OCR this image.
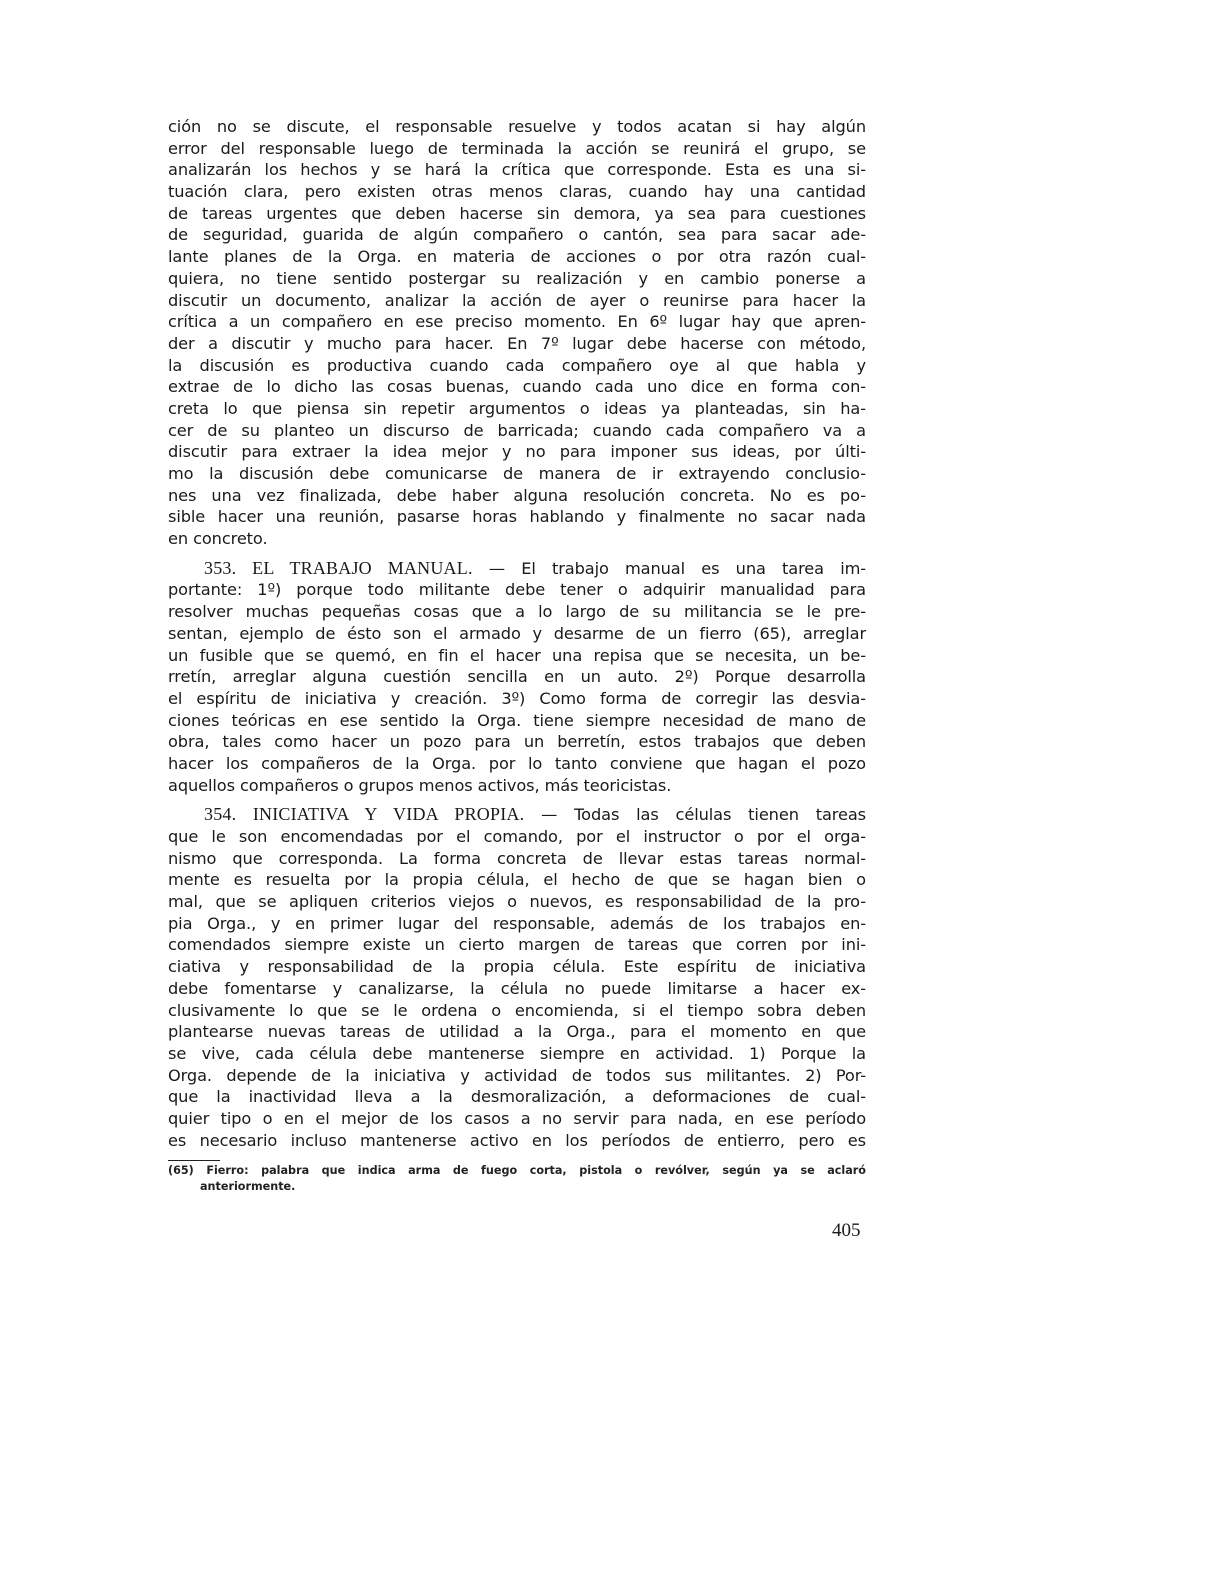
ción no se discute, el responsable resuelve y todos acatan si hay algún
error del responsable luego de terminada la acción se reunirá el grupo, se
analizarán los hechos y se hará la crítica que corresponde. Esta es una si-
tuación clara, pero existen otras menos claras, cuando hay una cantidad
de tareas urgentes que deben hacerse sin demora, ya sea para cuestiones
de seguridad, guarida de algún compañero o cantón, sea para sacar ade-
lante planes de la Orga. en materia de acciones o por otra razón cual-
quiera, no tiene sentido postergar su realización y en cambio ponerse a
discutir un documento, analizar la acción de ayer o reunirse para hacer la
crítica a un compañero en ese preciso momento. En 6º lugar hay que apren-
der a discutir y mucho para hacer. En 7º lugar debe hacerse con método,
la discusión es productiva cuando cada compañero oye al que habla y
extrae de lo dicho las cosas buenas, cuando cada uno dice en forma con-
creta lo que piensa sin repetir argumentos o ideas ya planteadas, sin ha-
cer de su planteo un discurso de barricada; cuando cada compañero va a
discutir para extraer la idea mejor y no para imponer sus ideas, por últi-
mo la discusión debe comunicarse de manera de ir extrayendo conclusio-
nes una vez finalizada, debe haber alguna resolución concreta. No es po-
sible hacer una reunión, pasarse horas hablando y finalmente no sacar nada
en concreto.
353. EL TRABAJO MANUAL. — El trabajo manual es una tarea im-
portante: 1º) porque todo militante debe tener o adquirir manualidad para
resolver muchas pequeñas cosas que a lo largo de su militancia se le pre-
sentan, ejemplo de ésto son el armado y desarme de un fierro (65), arreglar
un fusible que se quemó, en fin el hacer una repisa que se necesita, un be-
rretín, arreglar alguna cuestión sencilla en un auto. 2º) Porque desarrolla
el espíritu de iniciativa y creación. 3º) Como forma de corregir las desvia-
ciones teóricas en ese sentido la Orga. tiene siempre necesidad de mano de
obra, tales como hacer un pozo para un berretín, estos trabajos que deben
hacer los compañeros de la Orga. por lo tanto conviene que hagan el pozo
aquellos compañeros o grupos menos activos, más teoricistas.
354. INICIATIVA Y VIDA PROPIA. — Todas las células tienen tareas
que le son encomendadas por el comando, por el instructor o por el orga-
nismo que corresponda. La forma concreta de llevar estas tareas normal-
mente es resuelta por la propia célula, el hecho de que se hagan bien o
mal, que se apliquen criterios viejos o nuevos, es responsabilidad de la pro-
pia Orga., y en primer lugar del responsable, además de los trabajos en-
comendados siempre existe un cierto margen de tareas que corren por ini-
ciativa y responsabilidad de la propia célula. Este espíritu de iniciativa
debe fomentarse y canalizarse, la célula no puede limitarse a hacer ex-
clusivamente lo que se le ordena o encomienda, si el tiempo sobra deben
plantearse nuevas tareas de utilidad a la Orga., para el momento en que
se vive, cada célula debe mantenerse siempre en actividad. 1) Porque la
Orga. depende de la iniciativa y actividad de todos sus militantes. 2) Por-
que la inactividad lleva a la desmoralización, a deformaciones de cual-
quier tipo o en el mejor de los casos a no servir para nada, en ese período
es necesario incluso mantenerse activo en los períodos de entierro, pero es
(65) Fierro: palabra que indica arma de fuego corta, pistola o revólver, según ya se aclaró
anteriormente.
405
